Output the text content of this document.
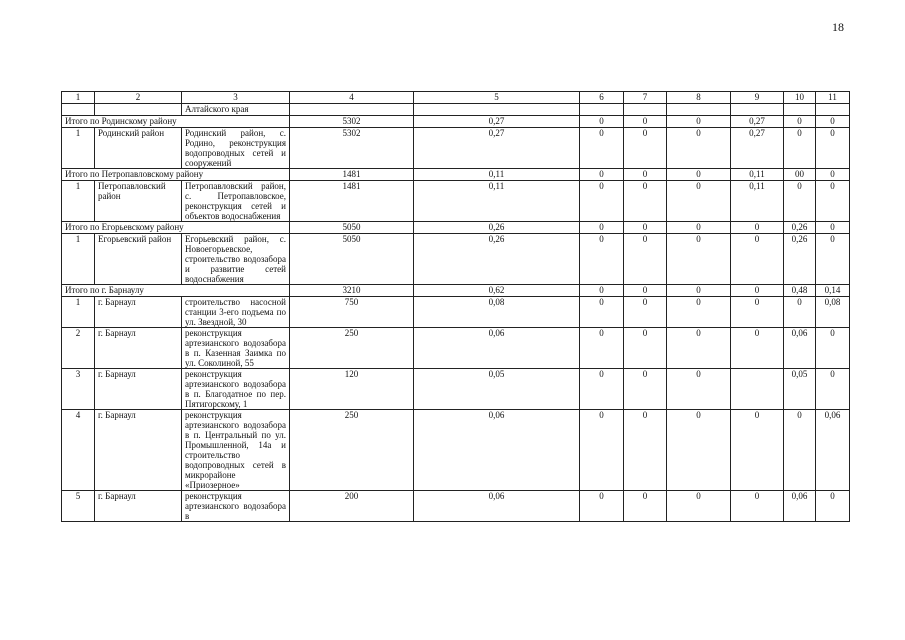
18
1	2	3	4	5	6	7	8	9	10	11
		Алтайского края								
Итого по Родинскому району			5302	0,27	0	0	0	0,27	0	0
1	Родинский район	Родинский район, с. Родино, реконструкция водопроводных сетей и сооружений	5302	0,27	0	0	0	0,27	0	0
Итого по Петропавловскому району			1481	0,11	0	0	0	0,11	00	0
1	Петропавловский район	Петропавловский район, с. Петропавловское, реконструкция сетей и объектов водоснабжения	1481	0,11	0	0	0	0,11	0	0
Итого по Егорьевскому району			5050	0,26	0	0	0	0	0,26	0
1	Егорьевский район	Егорьевский район, с. Новоегорьевское, строительство водозабора и развитие сетей водоснабжения	5050	0,26	0	0	0	0	0,26	0
Итого по г. Барнаулу			3210	0,62	0	0	0	0	0,48	0,14
1	г. Барнаул	строительство насосной станции 3-его подъема по ул. Звездной, 30	750	0,08	0	0	0	0	0	0,08
2	г. Барнаул	реконструкция артезианского водозабора в п. Казенная Заимка по ул. Соколиной, 55	250	0,06	0	0	0	0	0,06	0
3	г. Барнаул	реконструкция артезианского водозабора в п. Благодатное по пер. Пятигорскому, 1	120	0,05	0	0	0		0,05	0
4	г. Барнаул	реконструкция артезианского водозабора в п. Центральный по ул. Промышленной, 14а и строительство водопроводных сетей в микрорайоне «Приозерное»	250	0,06	0	0	0	0	0	0,06
5	г. Барнаул	реконструкция артезианского водозабора в	200	0,06	0	0	0	0	0,06	0
